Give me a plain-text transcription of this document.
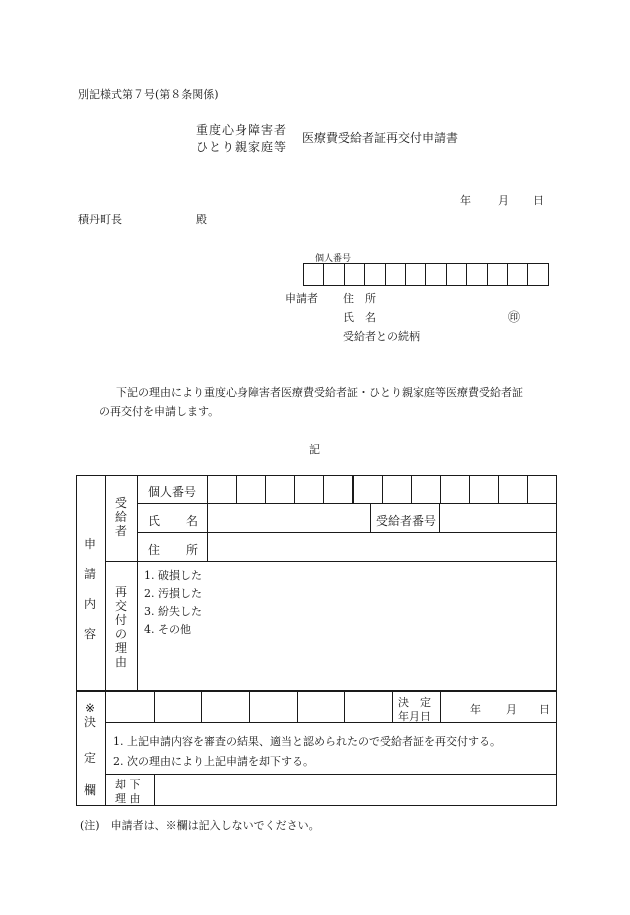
別記様式第７号(第８条関係)
重度心身障害者
ひとり親家庭等
医療費受給者証再交付申請書
年 月 日
積丹町長	殿
個人番号
申請者 住　所
氏　名	㊞
受給者との続柄
下記の理由により重度心身障害者医療費受給者証・ひとり親家庭等医療費受給者証
の再交付を申請します。
記
申
請
内
容
受
給
者
個人番号
氏 名	受給者番号
住 所
再
交
付
の
理
由
1. 破損した
2. 汚損した
3. 紛失した
4. その他
※
決
定
欄
決　定
年月日
年 月 日
1. 上記申請内容を審査の結果、適当と認められたので受給者証を再交付する。
2. 次の理由により上記申請を却下する。
却 下
理 由
(注)　申請者は、※欄は記入しないでください。
